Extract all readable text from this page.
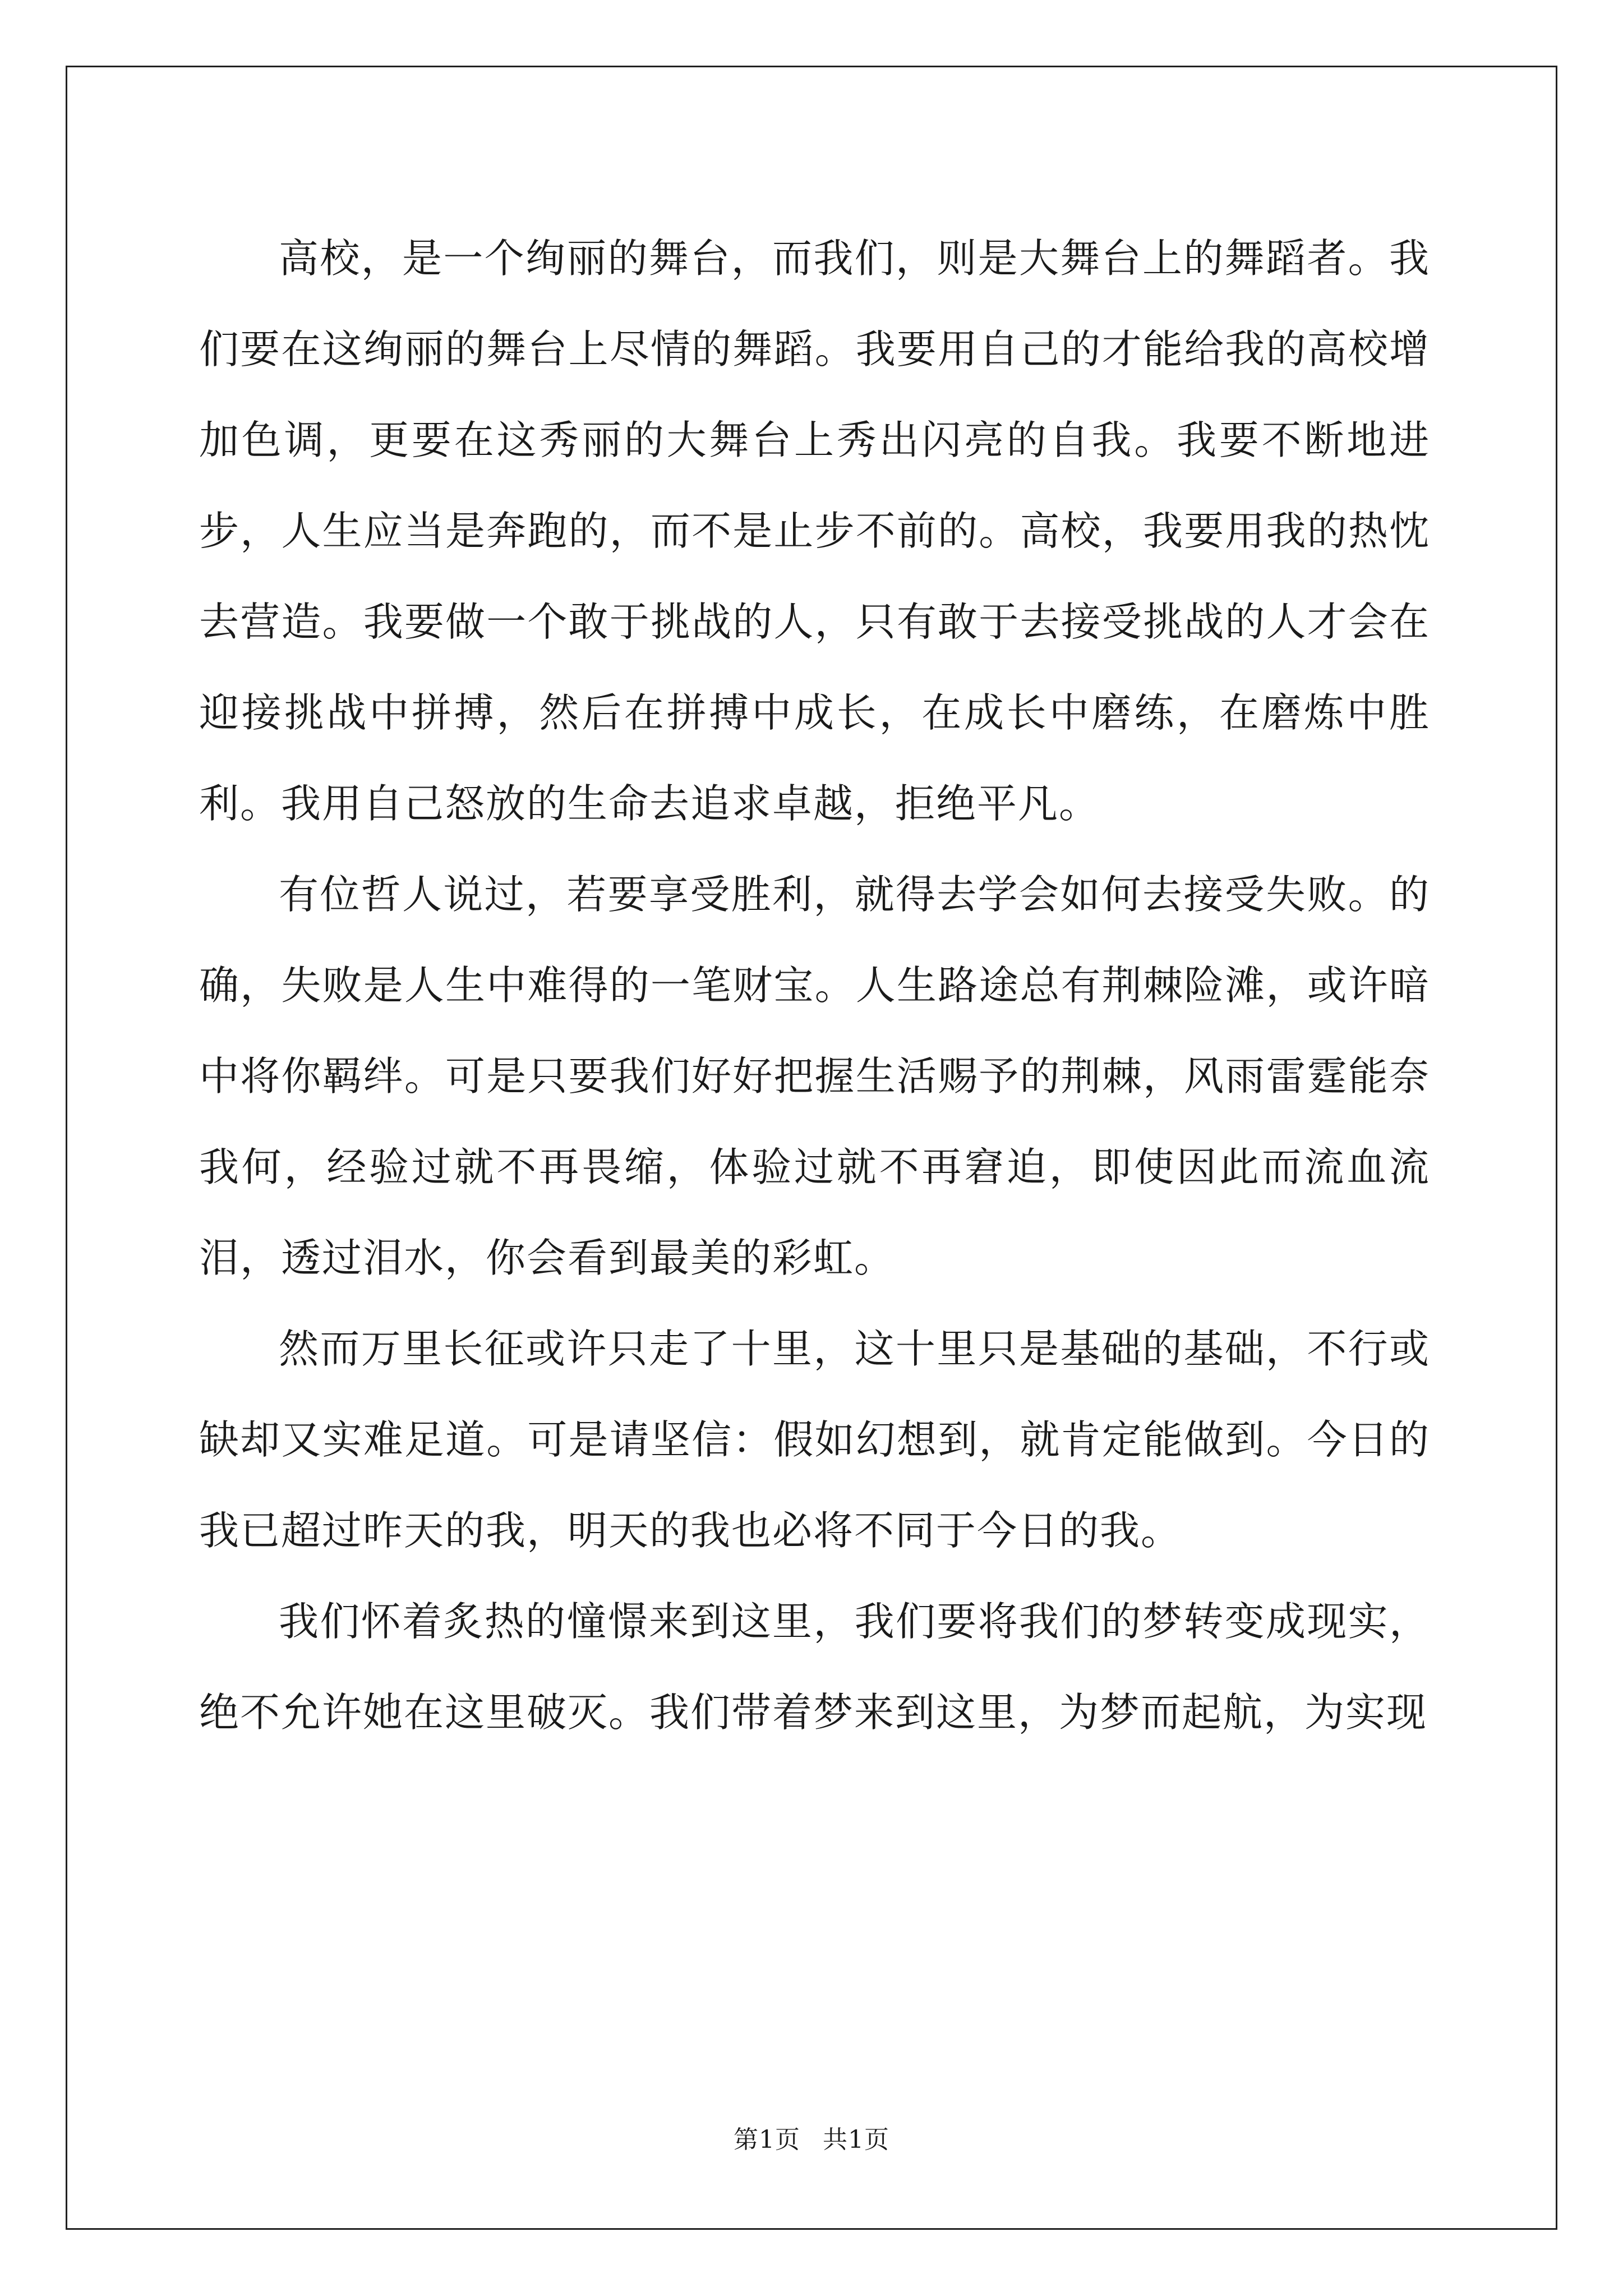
高校，是一个绚丽的舞台，而我们，则是大舞台上的舞蹈者。我们要在这绚丽的舞台上尽情的舞蹈。我要用自己的才能给我的高校增加色调，更要在这秀丽的大舞台上秀出闪亮的自我。我要不断地进步，人生应当是奔跑的，而不是止步不前的。高校，我要用我的热忱去营造。我要做一个敢于挑战的人，只有敢于去接受挑战的人才会在迎接挑战中拼搏，然后在拼搏中成长，在成长中磨练，在磨炼中胜利。我用自己怒放的生命去追求卓越，拒绝平凡。

有位哲人说过，若要享受胜利，就得去学会如何去接受失败。的确，失败是人生中难得的一笔财宝。人生路途总有荆棘险滩，或许暗中将你羁绊。可是只要我们好好把握生活赐予的荆棘，风雨雷霆能奈我何，经验过就不再畏缩，体验过就不再窘迫，即使因此而流血流泪，透过泪水，你会看到最美的彩虹。

然而万里长征或许只走了十里，这十里只是基础的基础，不行或缺却又实难足道。可是请坚信：假如幻想到，就肯定能做到。今日的我已超过昨天的我，明天的我也必将不同于今日的我。

我们怀着炙热的憧憬来到这里，我们要将我们的梦转变成现实，绝不允许她在这里破灭。我们带着梦来到这里，为梦而起航，为实现

第1页 共1页
